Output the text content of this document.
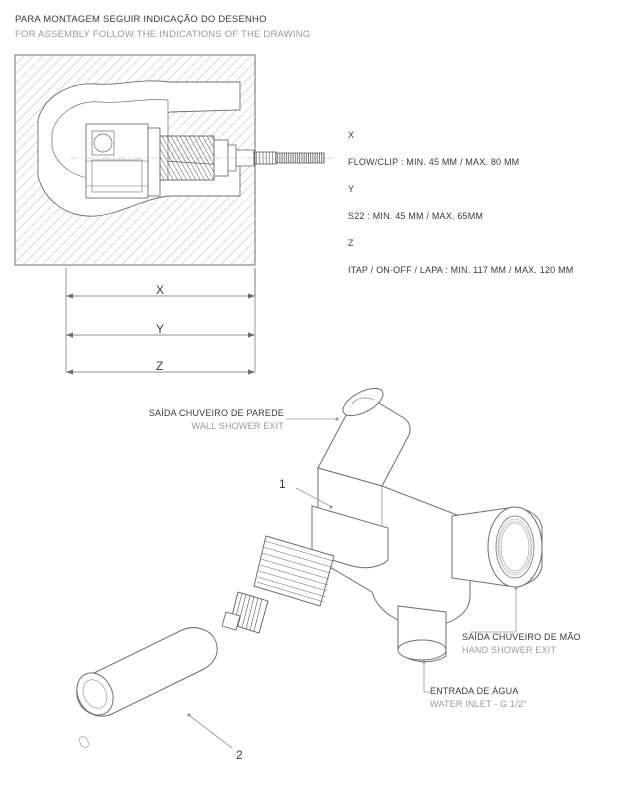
PARA MONTAGEM SEGUIR INDICAÇÃO DO DESENHO
FOR ASSEMBLY FOLLOW THE INDICATIONS OF THE DRAWING
X
Y
Z
X
FLOW/CLIP : MIN. 45 MM / MAX. 80 MM
Y
S22 : MIN. 45 MM / MAX. 65MM
Z
ITAP / ON-OFF / LAPA : MIN. 117 MM / MAX. 120 MM
SAÍDA CHUVEIRO DE PAREDE
WALL SHOWER EXIT
SAÍDA CHUVEIRO DE MÃO
HAND SHOWER EXIT
ENTRADA DE ÁGUA
WATER INLET - G 1/2"
1
2
